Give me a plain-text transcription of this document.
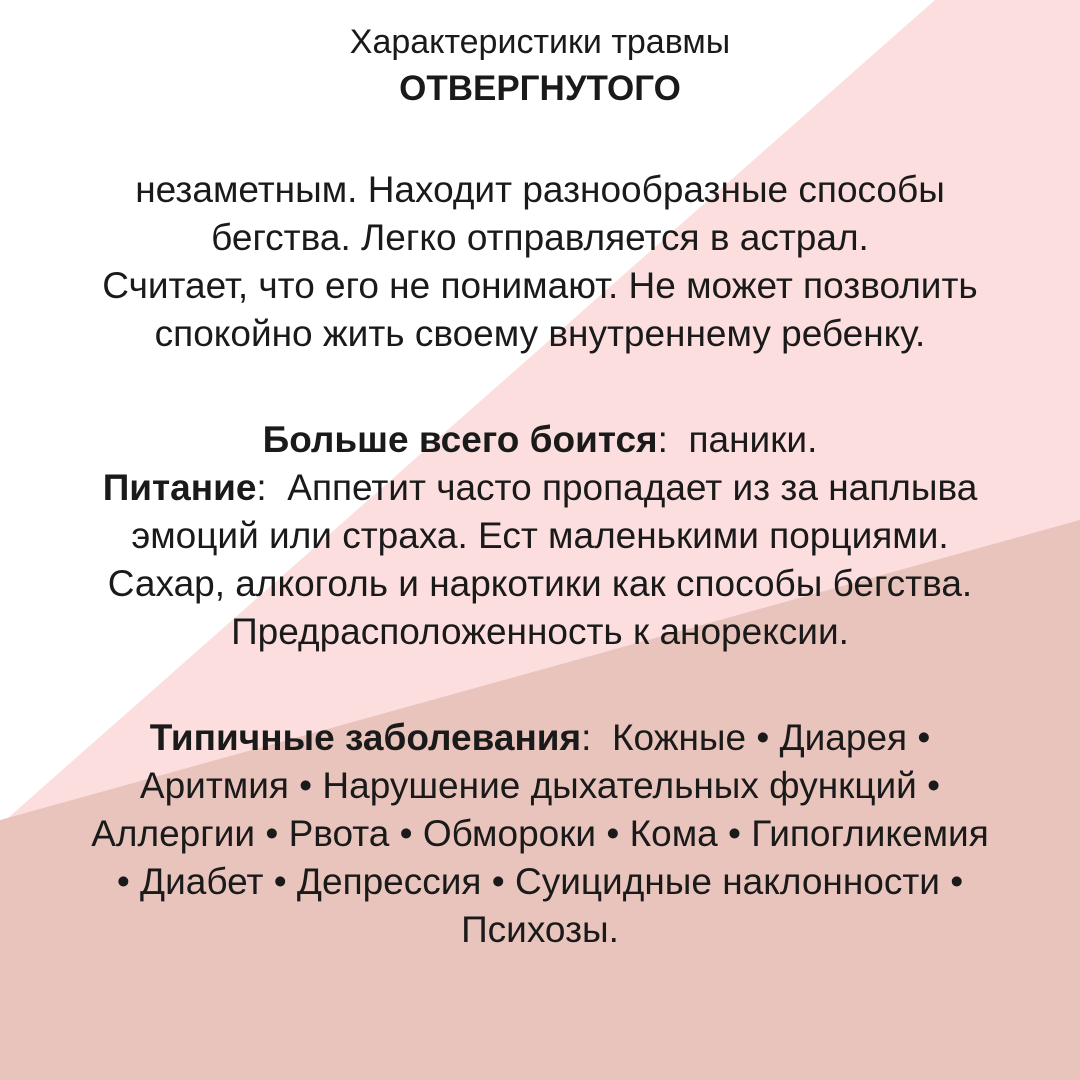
Характеристики травмы
ОТВЕРГНУТОГО
незаметным. Находит разнообразные способы
бегства. Легко отправляется в астрал.
Считает, что его не понимают. Не может позволить
спокойно жить своему внутреннему ребенку.
Больше всего боится: паники.
Питание: Аппетит часто пропадает из за наплыва
эмоций или страха. Ест маленькими порциями.
Сахар, алкоголь и наркотики как способы бегства.
Предрасположенность к анорексии.
Типичные заболевания: Кожные • Диарея •
Аритмия • Нарушение дыхательных функций •
Аллергии • Рвота • Обмороки • Кома • Гипогликемия
• Диабет • Депрессия • Суицидные наклонности •
Психозы.
